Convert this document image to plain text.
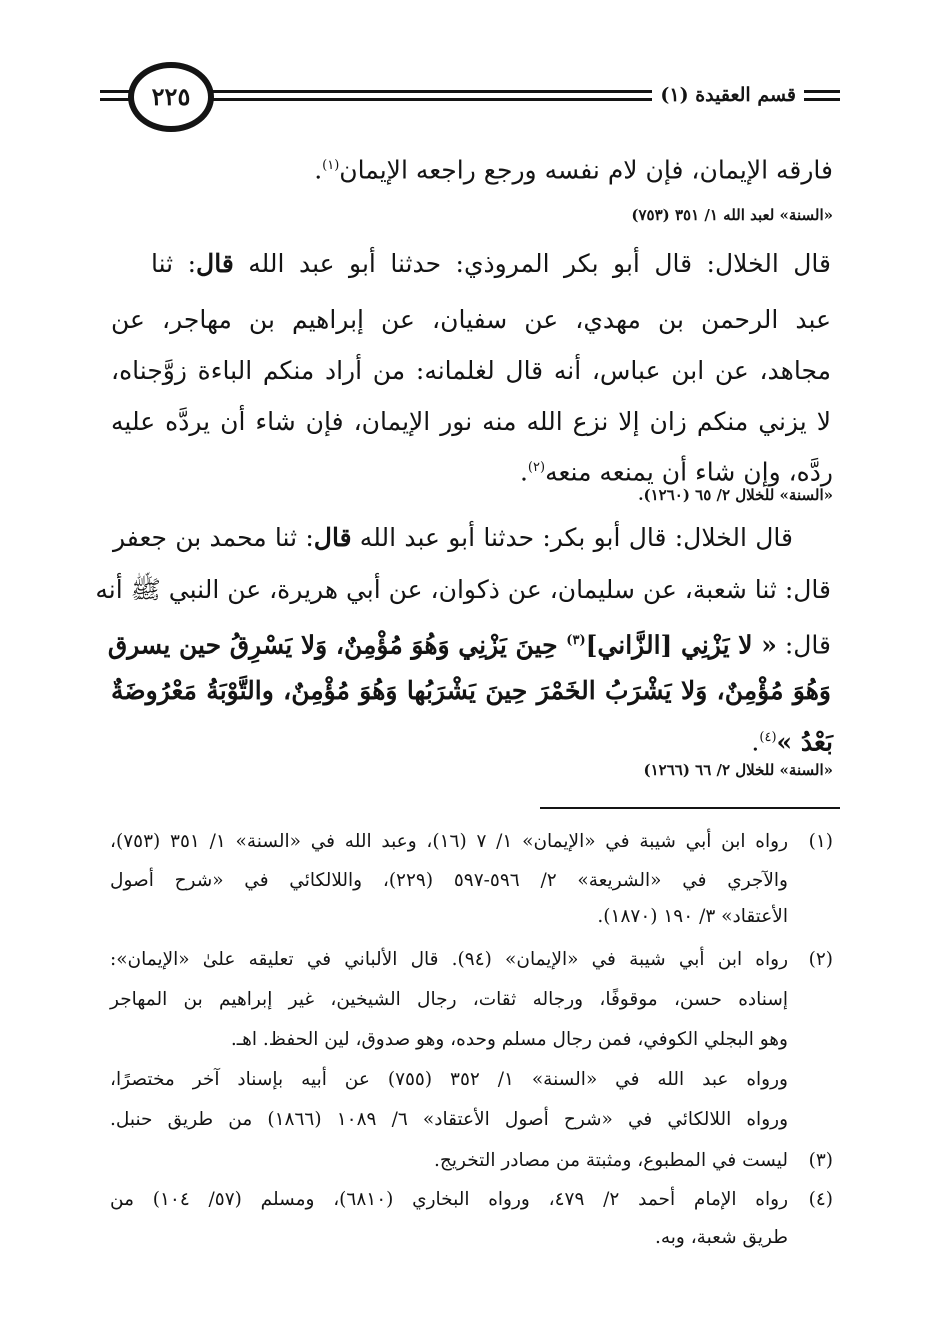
قسم العقيدة (١)
٢٢٥
فارقه الإيمان، فإن لام نفسه ورجع راجعه الإيمان$^{(١)}$.
«السنة» لعبد الله ١/ ٣٥١ (٧٥٣)
قال الخلال: قال أبو بكر المروذي: حدثنا أبو عبد الله قال: ثنا
عبد الرحمن بن مهدي، عن سفيان، عن إبراهيم بن مهاجر، عن
مجاهد، عن ابن عباس، أنه قال لغلمانه: من أراد منكم الباءة زوَّجناه،
لا يزني منكم زان إلا نزع الله منه نور الإيمان، فإن شاء أن يردَّه عليه
ردَّه، وإن شاء أن يمنعه منعه$^{(٢)}$.
«السنة» للخلال ٢/ ٦٥ (١٢٦٠).
قال الخلال: قال أبو بكر: حدثنا أبو عبد الله قال: ثنا محمد بن جعفر
قال: ثنا شعبة، عن سليمان، عن ذكوان، عن أبي هريرة، عن النبي ﷺ أنه
قال: « لا يَزْنِي [الزَّاني]$^{(٣)}$ حِينَ يَزْنِي وَهُوَ مُؤْمِنٌ، وَلا يَسْرِقُ حين يسرق
وَهُوَ مُؤْمِنٌ، وَلا يَشْرَبُ الخَمْرَ حِينَ يَشْرَبُها وَهُوَ مُؤْمِنٌ، والتَّوْبَةُ مَعْرُوضَةٌ
بَعْدُ »$^{(٤)}$.
«السنة» للخلال ٢/ ٦٦ (١٢٦٦)
(١)
رواه ابن أبي شيبة في «الإيمان» ١/ ٧ (١٦)، وعبد الله في «السنة» ١/ ٣٥١ (٧٥٣)،
والآجري في «الشريعة» ٢/ ٥٩٦-٥٩٧ (٢٢٩)، واللالكائي في «شرح أصول
الأعتقاد» ٣/ ١٩٠ (١٨٧٠).
(٢)
رواه ابن أبي شيبة في «الإيمان» (٩٤). قال الألباني في تعليقه علىٰ «الإيمان»:
إسناده حسن، موقوفًا، ورجاله ثقات، رجال الشيخين، غير إبراهيم بن المهاجر
وهو البجلي الكوفي، فمن رجال مسلم وحده، وهو صدوق، لين الحفظ. اهـ.
ورواه عبد الله في «السنة» ١/ ٣٥٢ (٧٥٥) عن أبيه بإسناد آخر مختصرًا،
ورواه اللالكائي في «شرح أصول الأعتقاد» ٦/ ١٠٨٩ (١٨٦٦) من طريق حنبل.
(٣)
ليست في المطبوع، ومثبتة من مصادر التخريج.
(٤)
رواه الإمام أحمد ٢/ ٤٧٩، ورواه البخاري (٦٨١٠)، ومسلم (٥٧/ ١٠٤) من
طريق شعبة، وبه.
